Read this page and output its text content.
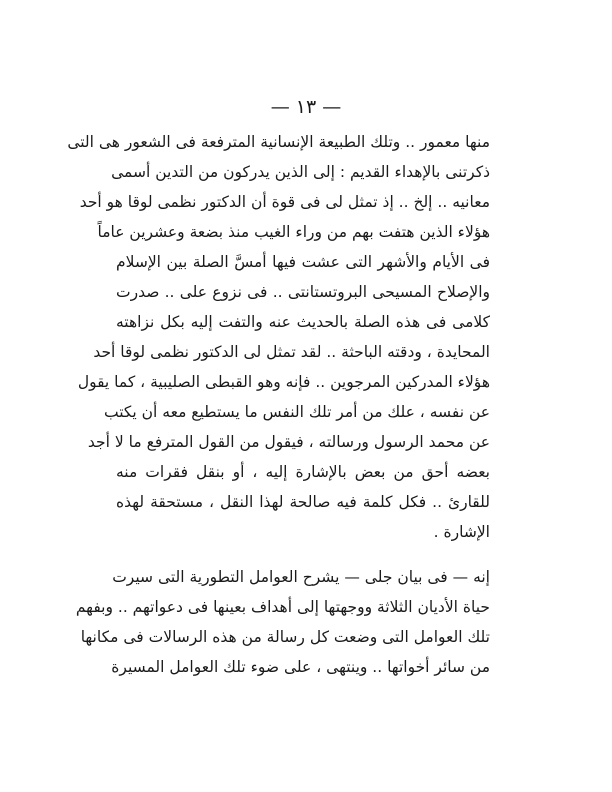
— ١٣ —
منها معمور .. وتلك الطبيعة الإنسانية المترفعة فى الشعور هى التى
ذكرتنى بالإهداء القديم : إلى الذين يدركون من التدين أسمى
معانيه .. إلخ .. إذ تمثل لى فى قوة أن الدكتور نظمى لوقا هو أحد
هؤلاء الذين هتفت بهم من وراء الغيب منذ بضعة وعشرين عاماً
فى الأيام والأشهر التى عشت فيها أمسَّ الصلة بين الإسلام
والإصلاح المسيحى البروتستانتى .. فى نزوع على .. صدرت
كلامى فى هذه الصلة بالحديث عنه والتفت إليه بكل نزاهته
المحايدة ، ودقته الباحثة .. لقد تمثل لى الدكتور نظمى لوقا أحد
هؤلاء المدركين المرجوين .. فإنه وهو القبطى الصليبية ، كما يقول
عن نفسه ، علك من أمر تلك النفس ما يستطيع معه أن يكتب
عن محمد الرسول ورسالته ، فيقول من القول المترفع ما لا أجد
بعضه أحق من بعض بالإشارة إليه ، أو بنقل فقرات منه
للقارئ .. فكل كلمة فيه صالحة لهذا النقل ، مستحقة لهذه
الإشارة .
إنه — فى بيان جلى — يشرح العوامل التطورية التى سيرت
حياة الأديان الثلاثة ووجهتها إلى أهداف بعينها فى دعواتهم .. وبفهم
تلك العوامل التى وضعت كل رسالة من هذه الرسالات فى مكانها
من سائر أخواتها .. وينتهى ، على ضوء تلك العوامل المسيرة
